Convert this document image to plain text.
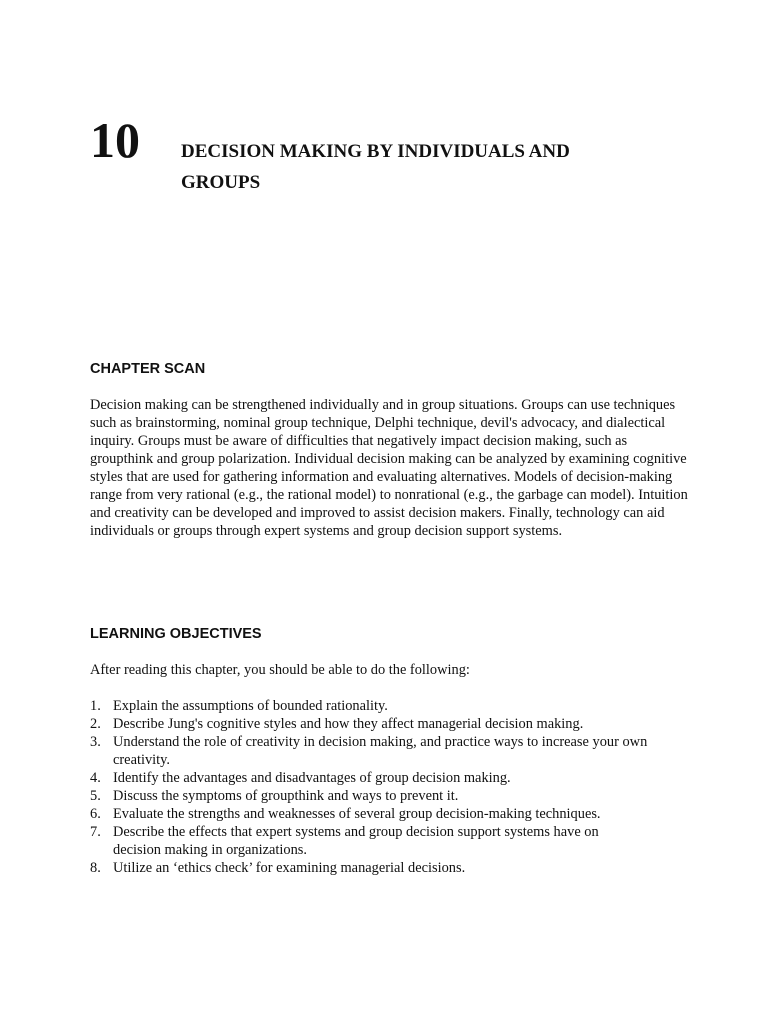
10 DECISION MAKING BY INDIVIDUALS AND GROUPS
CHAPTER SCAN

Decision making can be strengthened individually and in group situations. Groups can use techniques such as brainstorming, nominal group technique, Delphi technique, devil's advocacy, and dialectical inquiry. Groups must be aware of difficulties that negatively impact decision making, such as groupthink and group polarization. Individual decision making can be analyzed by examining cognitive styles that are used for gathering information and evaluating alternatives. Models of decision-making range from very rational (e.g., the rational model) to nonrational (e.g., the garbage can model). Intuition and creativity can be developed and improved to assist decision makers. Finally, technology can aid individuals or groups through expert systems and group decision support systems.

LEARNING OBJECTIVES

After reading this chapter, you should be able to do the following:

1. Explain the assumptions of bounded rationality.
2. Describe Jung's cognitive styles and how they affect managerial decision making.
3. Understand the role of creativity in decision making, and practice ways to increase your own creativity.
4. Identify the advantages and disadvantages of group decision making.
5. Discuss the symptoms of groupthink and ways to prevent it.
6. Evaluate the strengths and weaknesses of several group decision-making techniques.
7. Describe the effects that expert systems and group decision support systems have on decision making in organizations.
8. Utilize an ‘ethics check’ for examining managerial decisions.
